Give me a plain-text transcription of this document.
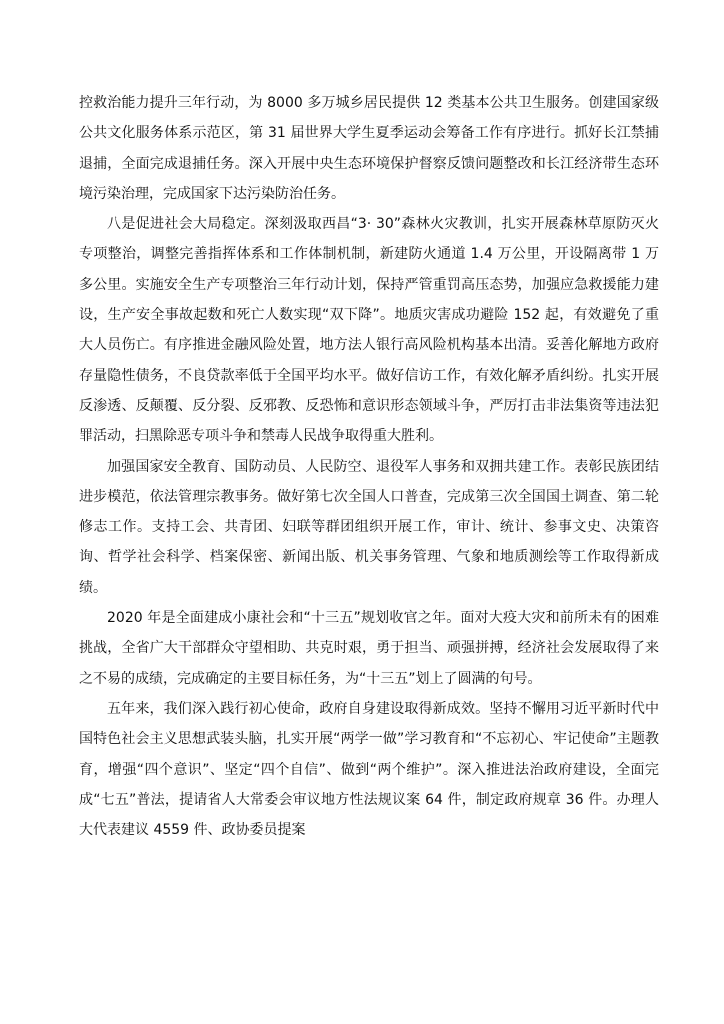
控救治能力提升三年行动，为 8000 多万城乡居民提供 12 类基本公共卫生服务。创建国家级公共文化服务体系示范区，第 31 届世界大学生夏季运动会筹备工作有序进行。抓好长江禁捕退捕，全面完成退捕任务。深入开展中央生态环境保护督察反馈问题整改和长江经济带生态环境污染治理，完成国家下达污染防治任务。

八是促进社会大局稳定。深刻汲取西昌“3· 30”森林火灾教训，扎实开展森林草原防灭火专项整治，调整完善指挥体系和工作体制机制，新建防火通道 1.4 万公里，开设隔离带 1 万多公里。实施安全生产专项整治三年行动计划，保持严管重罚高压态势，加强应急救援能力建设，生产安全事故起数和死亡人数实现“双下降”。地质灾害成功避险 152 起，有效避免了重大人员伤亡。有序推进金融风险处置，地方法人银行高风险机构基本出清。妥善化解地方政府存量隐性债务，不良贷款率低于全国平均水平。做好信访工作，有效化解矛盾纠纷。扎实开展反渗透、反颠覆、反分裂、反邪教、反恐怖和意识形态领域斗争，严厉打击非法集资等违法犯罪活动，扫黑除恶专项斗争和禁毒人民战争取得重大胜利。

加强国家安全教育、国防动员、人民防空、退役军人事务和双拥共建工作。表彰民族团结进步模范，依法管理宗教事务。做好第七次全国人口普查，完成第三次全国国土调查、第二轮修志工作。支持工会、共青团、妇联等群团组织开展工作，审计、统计、参事文史、决策咨询、哲学社会科学、档案保密、新闻出版、机关事务管理、气象和地质测绘等工作取得新成绩。

2020 年是全面建成小康社会和“十三五”规划收官之年。面对大疫大灾和前所未有的困难挑战，全省广大干部群众守望相助、共克时艰，勇于担当、顽强拼搏，经济社会发展取得了来之不易的成绩，完成确定的主要目标任务，为“十三五”划上了圆满的句号。

五年来，我们深入践行初心使命，政府自身建设取得新成效。坚持不懈用习近平新时代中国特色社会主义思想武装头脑，扎实开展“两学一做”学习教育和“不忘初心、牢记使命”主题教育，增强“四个意识”、坚定“四个自信”、做到“两个维护”。深入推进法治政府建设，全面完成“七五”普法，提请省人大常委会审议地方性法规议案 64 件，制定政府规章 36 件。办理人大代表建议 4559 件、政协委员提案
